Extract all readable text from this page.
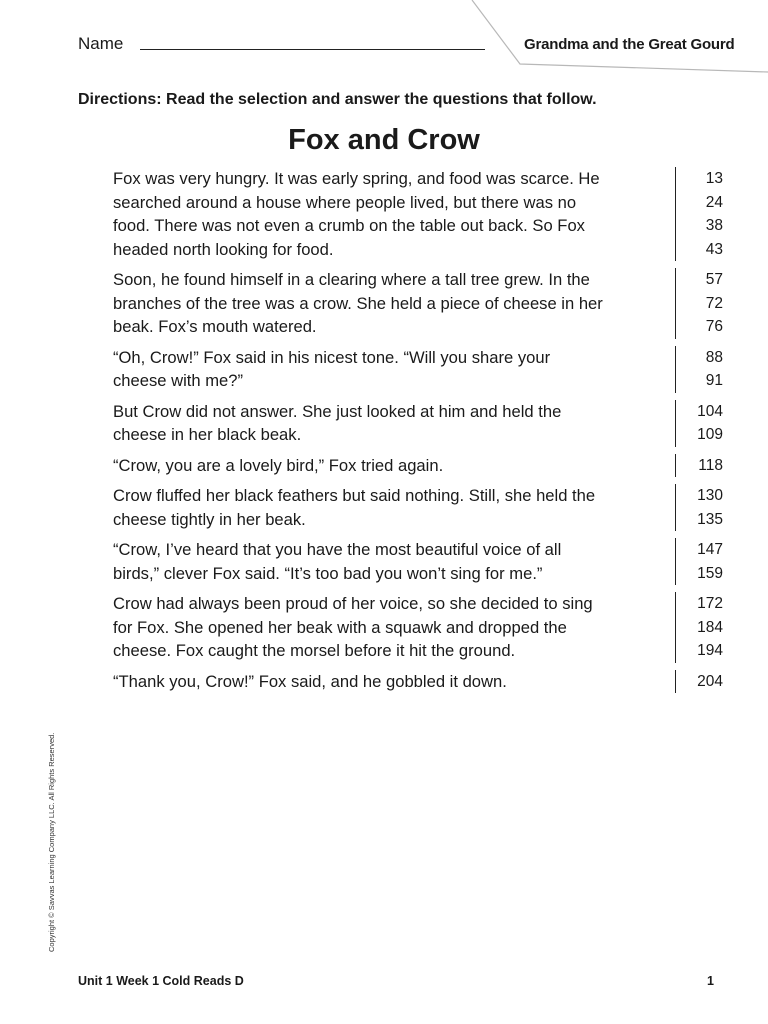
Name	Grandma and the Great Gourd
Directions: Read the selection and answer the questions that follow.
Fox and Crow
Fox was very hungry. It was early spring, and food was scarce. He	13
searched around a house where people lived, but there was no	24
food. There was not even a crumb on the table out back. So Fox	38
headed north looking for food.	43
Soon, he found himself in a clearing where a tall tree grew. In the	57
branches of the tree was a crow. She held a piece of cheese in her	72
beak. Fox’s mouth watered.	76
“Oh, Crow!” Fox said in his nicest tone. “Will you share your	88
cheese with me?”	91
But Crow did not answer. She just looked at him and held the	104
cheese in her black beak.	109
“Crow, you are a lovely bird,” Fox tried again.	118
Crow fluffed her black feathers but said nothing. Still, she held the	130
cheese tightly in her beak.	135
“Crow, I’ve heard that you have the most beautiful voice of all	147
birds,” clever Fox said. “It’s too bad you won’t sing for me.”	159
Crow had always been proud of her voice, so she decided to sing	172
for Fox. She opened her beak with a squawk and dropped the	184
cheese. Fox caught the morsel before it hit the ground.	194
“Thank you, Crow!” Fox said, and he gobbled it down.	204
Copyright © Savvas Learning Company LLC. All Rights Reserved.
Unit 1 Week 1 Cold Reads D	1
